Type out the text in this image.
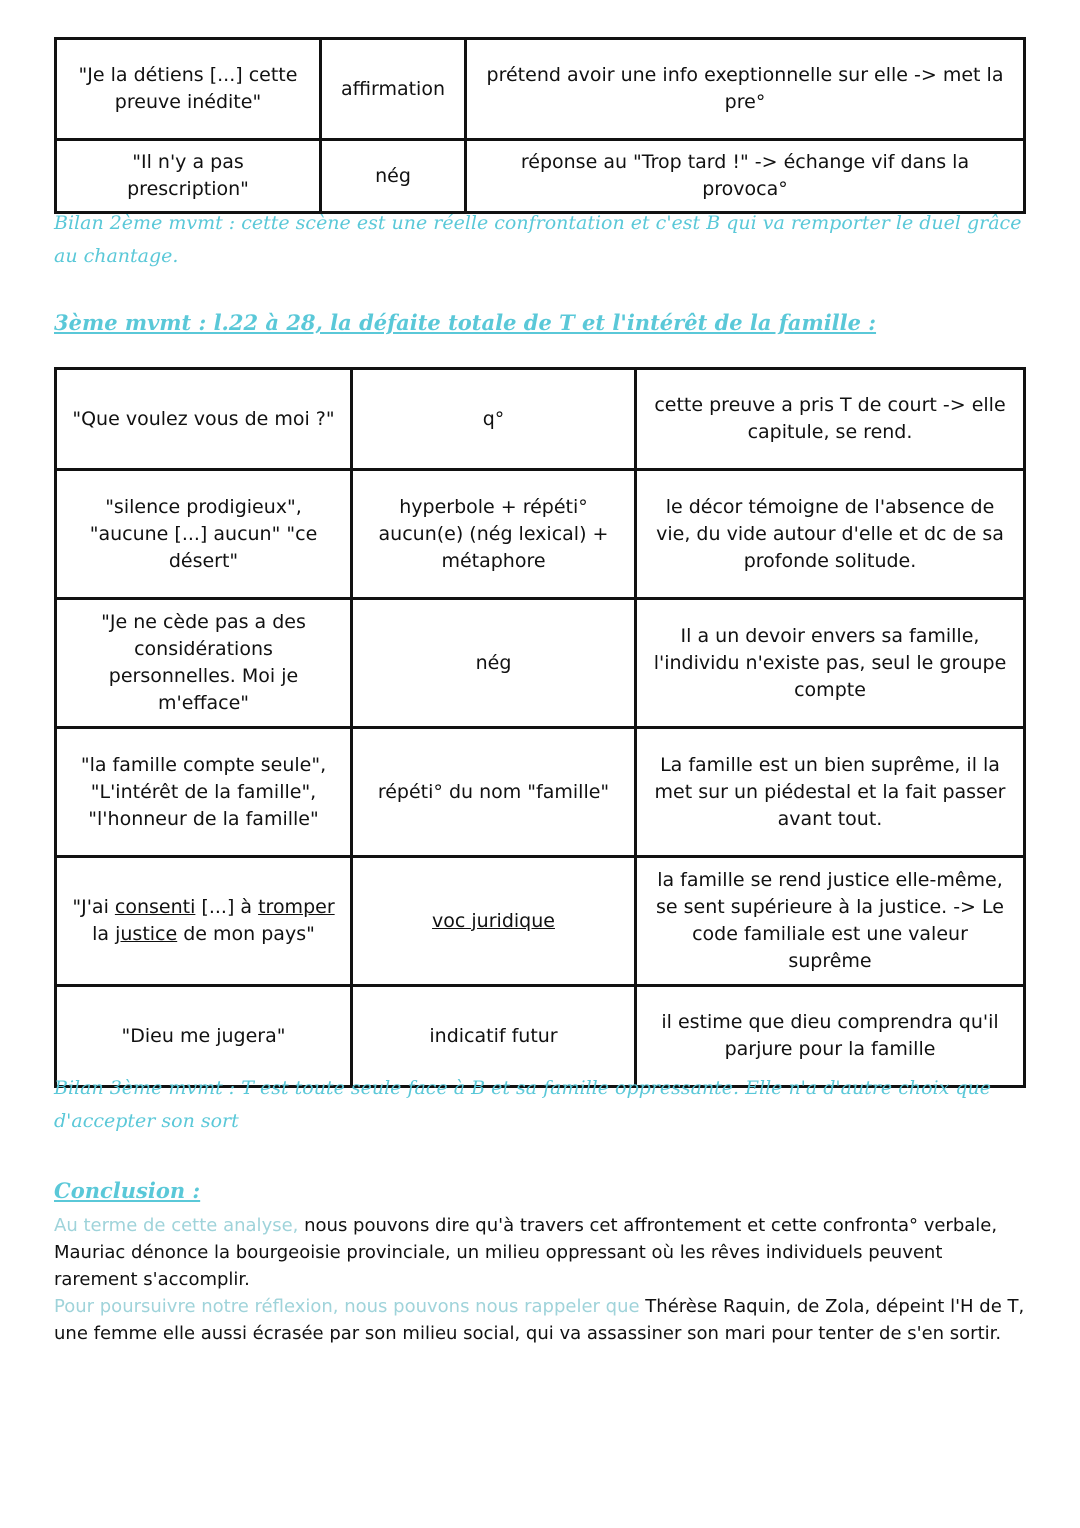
"Je la détiens [...] cette preuve inédite"	affirmation	prétend avoir une info exeptionnelle sur elle -> met la pre°
"Il n'y a pas prescription"	nég	réponse au "Trop tard !" -> échange vif dans la provoca°
Bilan 2ème mvmt : cette scène est une réelle confrontation et c'est B qui va remporter le duel grâce au chantage.
3ème mvmt : l.22 à 28, la défaite totale de T et l'intérêt de la famille :
"Que voulez vous de moi ?"	q°	cette preuve a pris T de court -> elle capitule, se rend.
"silence prodigieux", "aucune [...] aucun" "ce désert"	hyperbole + répéti° aucun(e) (nég lexical) + métaphore	le décor témoigne de l'absence de vie, du vide autour d'elle et dc de sa profonde solitude.
"Je ne cède pas a des considérations personnelles. Moi je m'efface"	nég	Il a un devoir envers sa famille, l'individu n'existe pas, seul le groupe compte
"la famille compte seule", "L'intérêt de la famille", "l'honneur de la famille"	répéti° du nom "famille"	La famille est un bien suprême, il la met sur un piédestal et la fait passer avant tout.
"J'ai consenti [...] à tromper la justice de mon pays"	voc juridique	la famille se rend justice elle-même, se sent supérieure à la justice. -> Le code familiale est une valeur suprême
"Dieu me jugera"	indicatif futur	il estime que dieu comprendra qu'il parjure pour la famille
Bilan 3ème mvmt : T est toute seule face à B et sa famille oppressante. Elle n'a d'autre choix que d'accepter son sort
Conclusion :
Au terme de cette analyse, nous pouvons dire qu'à travers cet affrontement et cette confronta° verbale, Mauriac dénonce la bourgeoisie provinciale, un milieu oppressant où les rêves individuels peuvent rarement s'accomplir.
Pour poursuivre notre réflexion, nous pouvons nous rappeler que Thérèse Raquin, de Zola, dépeint l'H de T, une femme elle aussi écrasée par son milieu social, qui va assassiner son mari pour tenter de s'en sortir.
